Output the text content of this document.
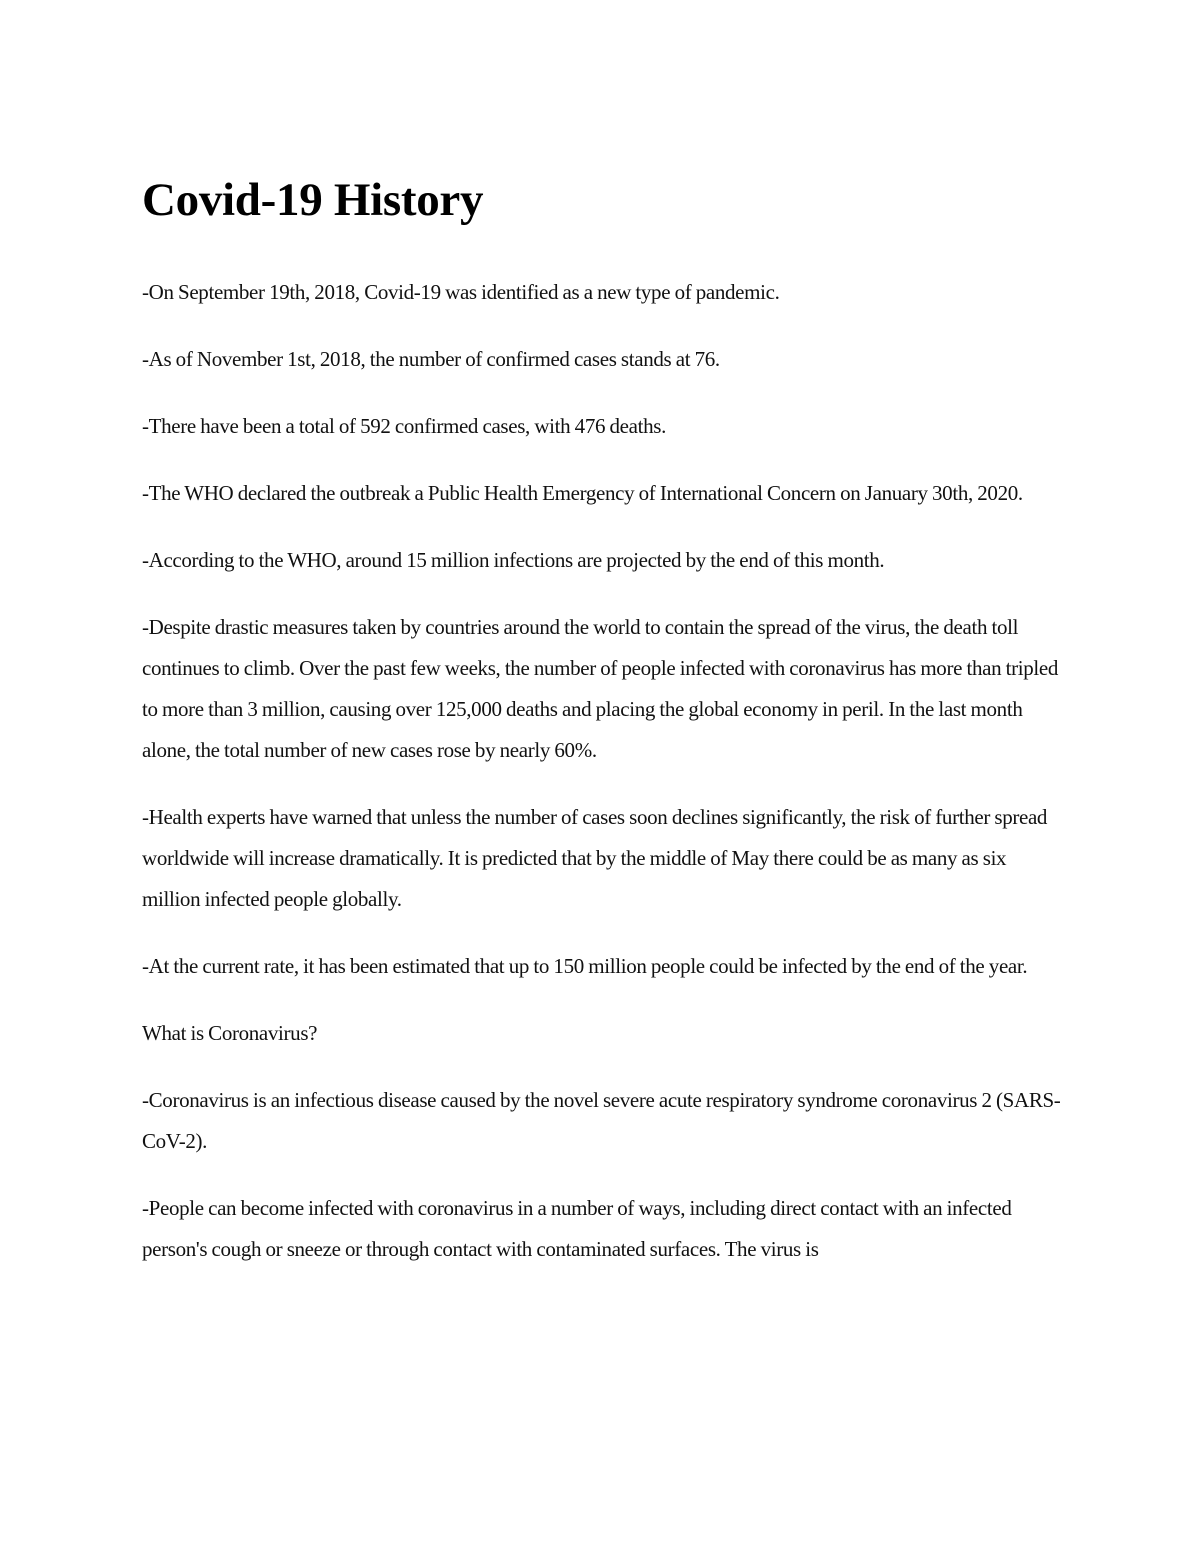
Covid-19 History

-On September 19th, 2018, Covid-19 was identified as a new type of pandemic.

-As of November 1st, 2018, the number of confirmed cases stands at 76.

-There have been a total of 592 confirmed cases, with 476 deaths.

-The WHO declared the outbreak a Public Health Emergency of International Concern on January 30th, 2020.

-According to the WHO, around 15 million infections are projected by the end of this month.

-Despite drastic measures taken by countries around the world to contain the spread of the virus, the death toll continues to climb. Over the past few weeks, the number of people infected with coronavirus has more than tripled to more than 3 million, causing over 125,000 deaths and placing the global economy in peril. In the last month alone, the total number of new cases rose by nearly 60%.

-Health experts have warned that unless the number of cases soon declines significantly, the risk of further spread worldwide will increase dramatically. It is predicted that by the middle of May there could be as many as six million infected people globally.

-At the current rate, it has been estimated that up to 150 million people could be infected by the end of the year.

What is Coronavirus?

-Coronavirus is an infectious disease caused by the novel severe acute respiratory syndrome coronavirus 2 (SARS-CoV-2).

-People can become infected with coronavirus in a number of ways, including direct contact with an infected person's cough or sneeze or through contact with contaminated surfaces. The virus is
